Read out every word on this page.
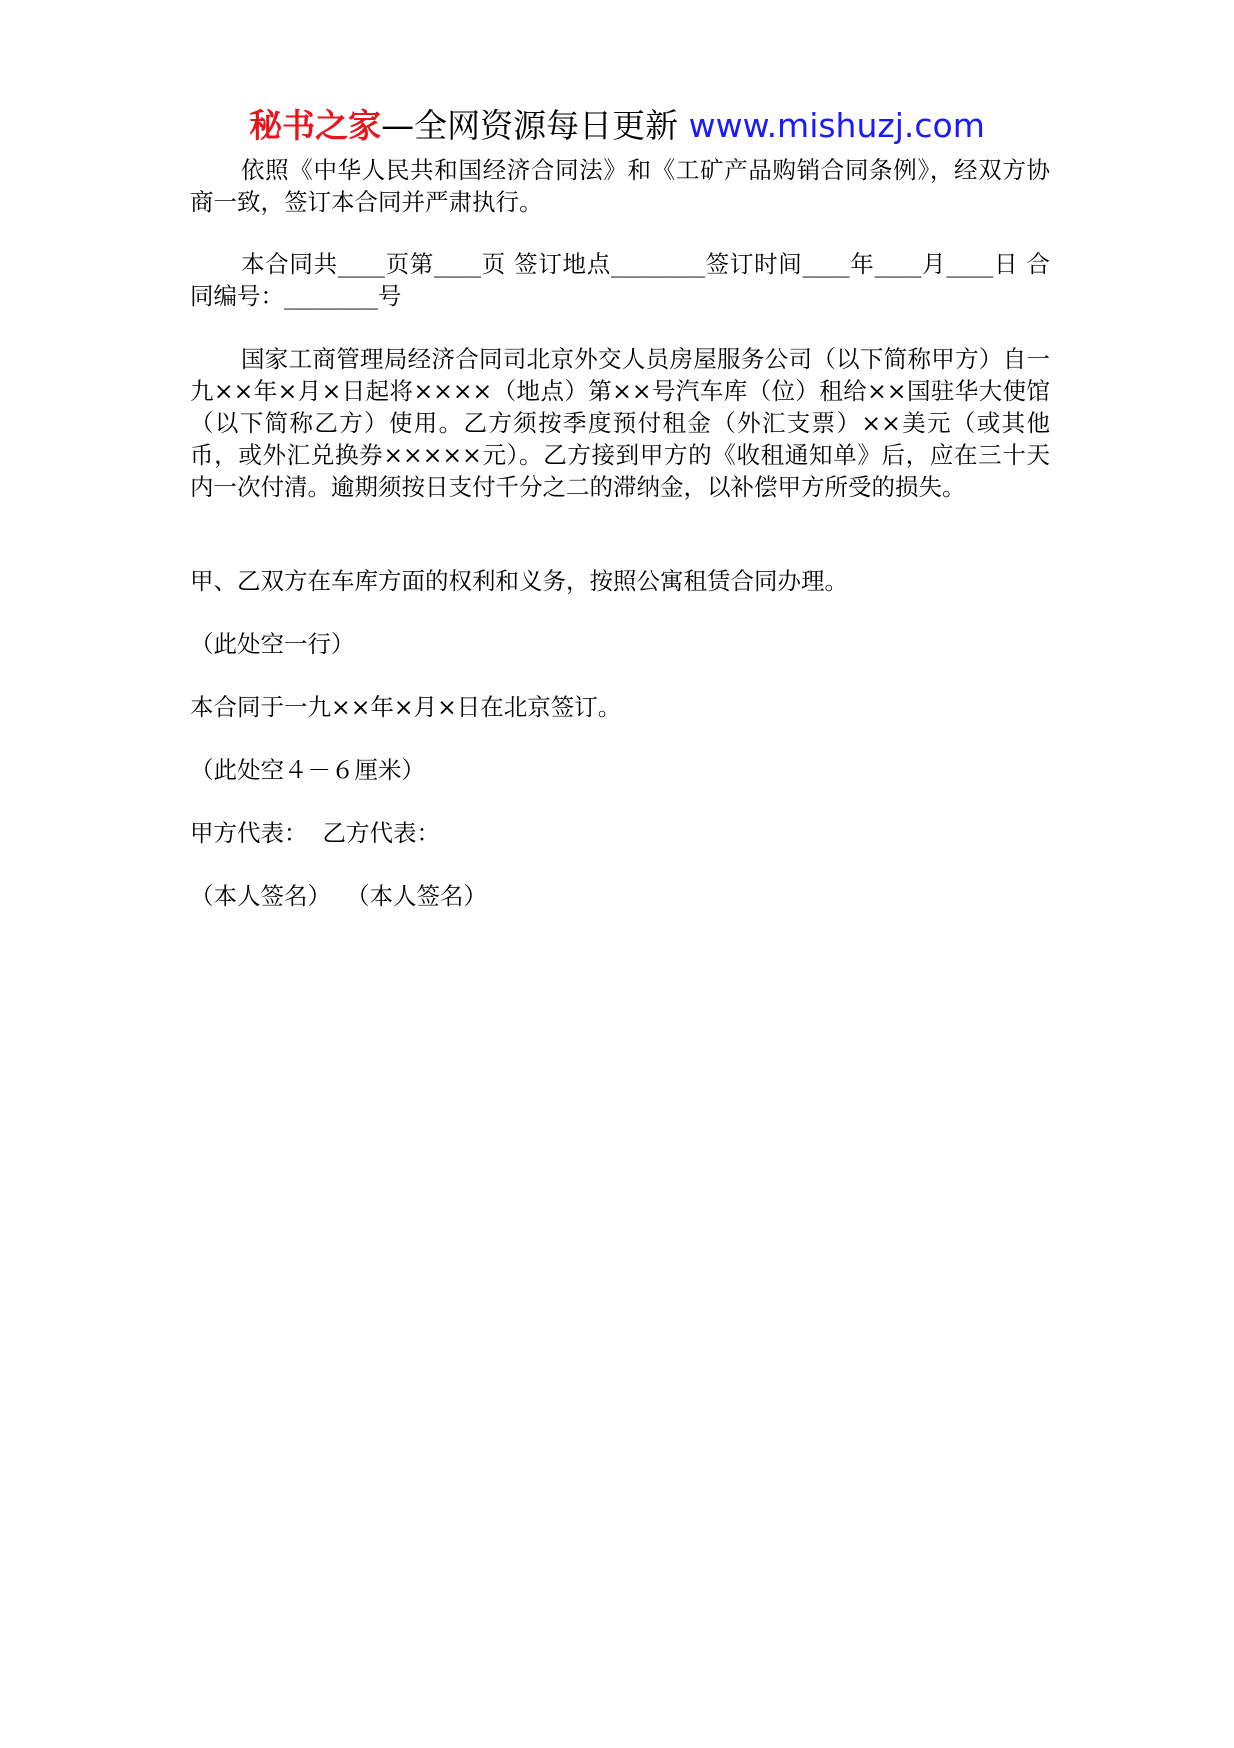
秘书之家—全网资源每日更新 www.mishuzj.com
依照《中华人民共和国经济合同法》和《工矿产品购销合同条例》，经双方协商一致，签订本合同并严肃执行。
本合同共____页第____页 签订地点________签订时间____年____月____日 合同编号：________号
国家工商管理局经济合同司北京外交人员房屋服务公司（以下简称甲方）自一九××年×月×日起将××××（地点）第××号汽车库（位）租给××国驻华大使馆（以下简称乙方）使用。乙方须按季度预付租金（外汇支票）××美元（或其他币，或外汇兑换券×××××元）。乙方接到甲方的《收租通知单》后，应在三十天内一次付清。逾期须按日支付千分之二的滞纳金，以补偿甲方所受的损失。
甲、乙双方在车库方面的权利和义务，按照公寓租赁合同办理。
（此处空一行）
本合同于一九××年×月×日在北京签订。
（此处空４－６厘米）
甲方代表：  乙方代表：
（本人签名）  （本人签名）
